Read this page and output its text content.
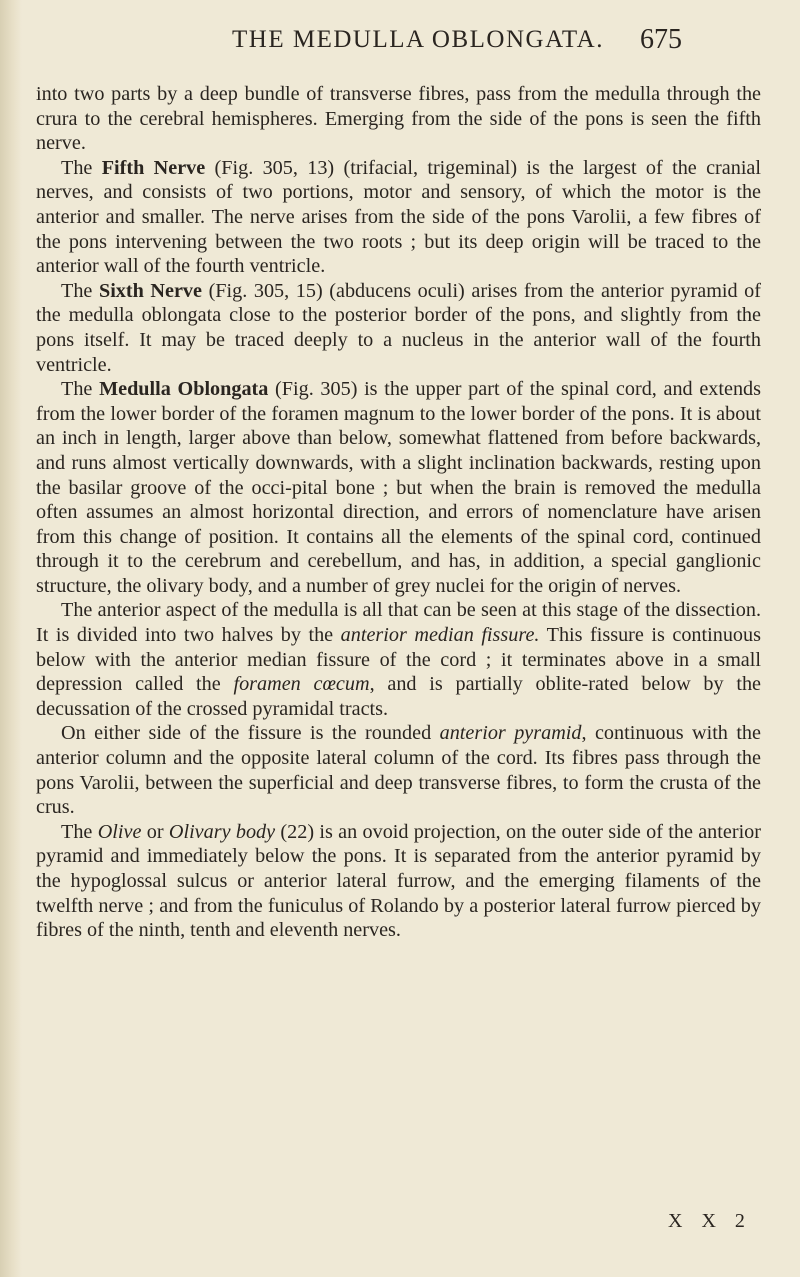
THE MEDULLA OBLONGATA. 675

into two parts by a deep bundle of transverse fibres, pass from the medulla through the crura to the cerebral hemispheres. Emerging from the side of the pons is seen the fifth nerve.

The Fifth Nerve (Fig. 305, 13) (trifacial, trigeminal) is the largest of the cranial nerves, and consists of two portions, motor and sensory, of which the motor is the anterior and smaller. The nerve arises from the side of the pons Varolii, a few fibres of the pons intervening between the two roots ; but its deep origin will be traced to the anterior wall of the fourth ventricle.

The Sixth Nerve (Fig. 305, 15) (abducens oculi) arises from the anterior pyramid of the medulla oblongata close to the posterior border of the pons, and slightly from the pons itself. It may be traced deeply to a nucleus in the anterior wall of the fourth ventricle.

The Medulla Oblongata (Fig. 305) is the upper part of the spinal cord, and extends from the lower border of the foramen magnum to the lower border of the pons. It is about an inch in length, larger above than below, somewhat flattened from before backwards, and runs almost vertically downwards, with a slight inclination backwards, resting upon the basilar groove of the occi-pital bone ; but when the brain is removed the medulla often assumes an almost horizontal direction, and errors of nomenclature have arisen from this change of position. It contains all the elements of the spinal cord, continued through it to the cerebrum and cerebellum, and has, in addition, a special ganglionic structure, the olivary body, and a number of grey nuclei for the origin of nerves.

The anterior aspect of the medulla is all that can be seen at this stage of the dissection. It is divided into two halves by the anterior median fissure. This fissure is continuous below with the anterior median fissure of the cord ; it terminates above in a small depression called the foramen cœcum, and is partially oblite-rated below by the decussation of the crossed pyramidal tracts.

On either side of the fissure is the rounded anterior pyramid, continuous with the anterior column and the opposite lateral column of the cord. Its fibres pass through the pons Varolii, between the superficial and deep transverse fibres, to form the crusta of the crus.

The Olive or Olivary body (22) is an ovoid projection, on the outer side of the anterior pyramid and immediately below the pons. It is separated from the anterior pyramid by the hypoglossal sulcus or anterior lateral furrow, and the emerging filaments of the twelfth nerve ; and from the funiculus of Rolando by a posterior lateral furrow pierced by fibres of the ninth, tenth and eleventh nerves.

X X 2
